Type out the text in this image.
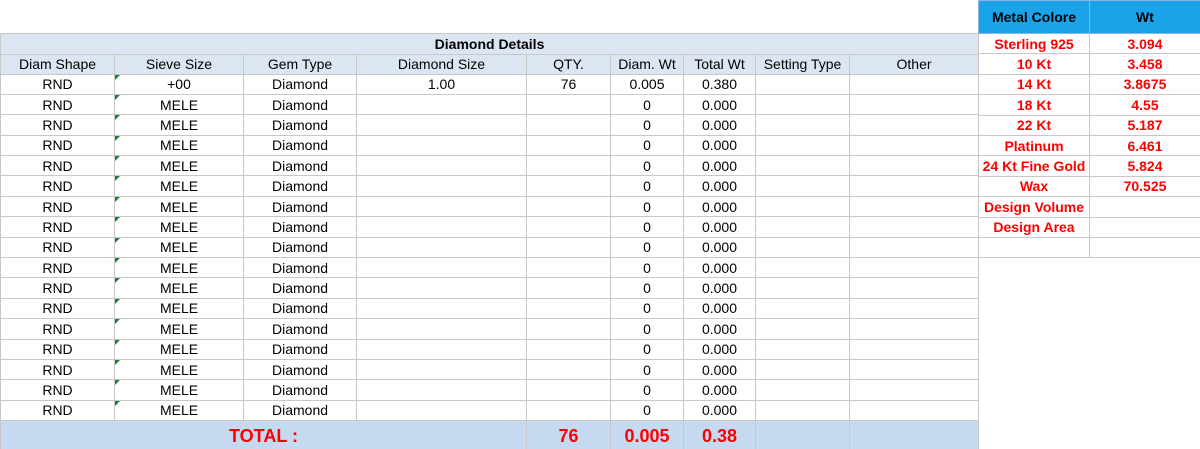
Diamond Details								
Diam Shape	Sieve Size	Gem Type	Diamond Size	QTY.	Diam. Wt	Total Wt	Setting Type	Other
RND	+00	Diamond	1.00	76	0.005	0.380		
RND	MELE	Diamond			0	0.000		
RND	MELE	Diamond			0	0.000		
RND	MELE	Diamond			0	0.000		
RND	MELE	Diamond			0	0.000		
RND	MELE	Diamond			0	0.000		
RND	MELE	Diamond			0	0.000		
RND	MELE	Diamond			0	0.000		
RND	MELE	Diamond			0	0.000		
RND	MELE	Diamond			0	0.000		
RND	MELE	Diamond			0	0.000		
RND	MELE	Diamond			0	0.000		
RND	MELE	Diamond			0	0.000		
RND	MELE	Diamond			0	0.000		
RND	MELE	Diamond			0	0.000		
RND	MELE	Diamond			0	0.000		
RND	MELE	Diamond			0	0.000		
TOTAL :				76	0.005	0.38		
Metal Colore	Wt
Sterling 925	3.094
10 Kt	3.458
14 Kt	3.8675
18 Kt	4.55
22 Kt	5.187
Platinum	6.461
24 Kt Fine Gold	5.824
Wax	70.525
Design Volume	
Design Area	
